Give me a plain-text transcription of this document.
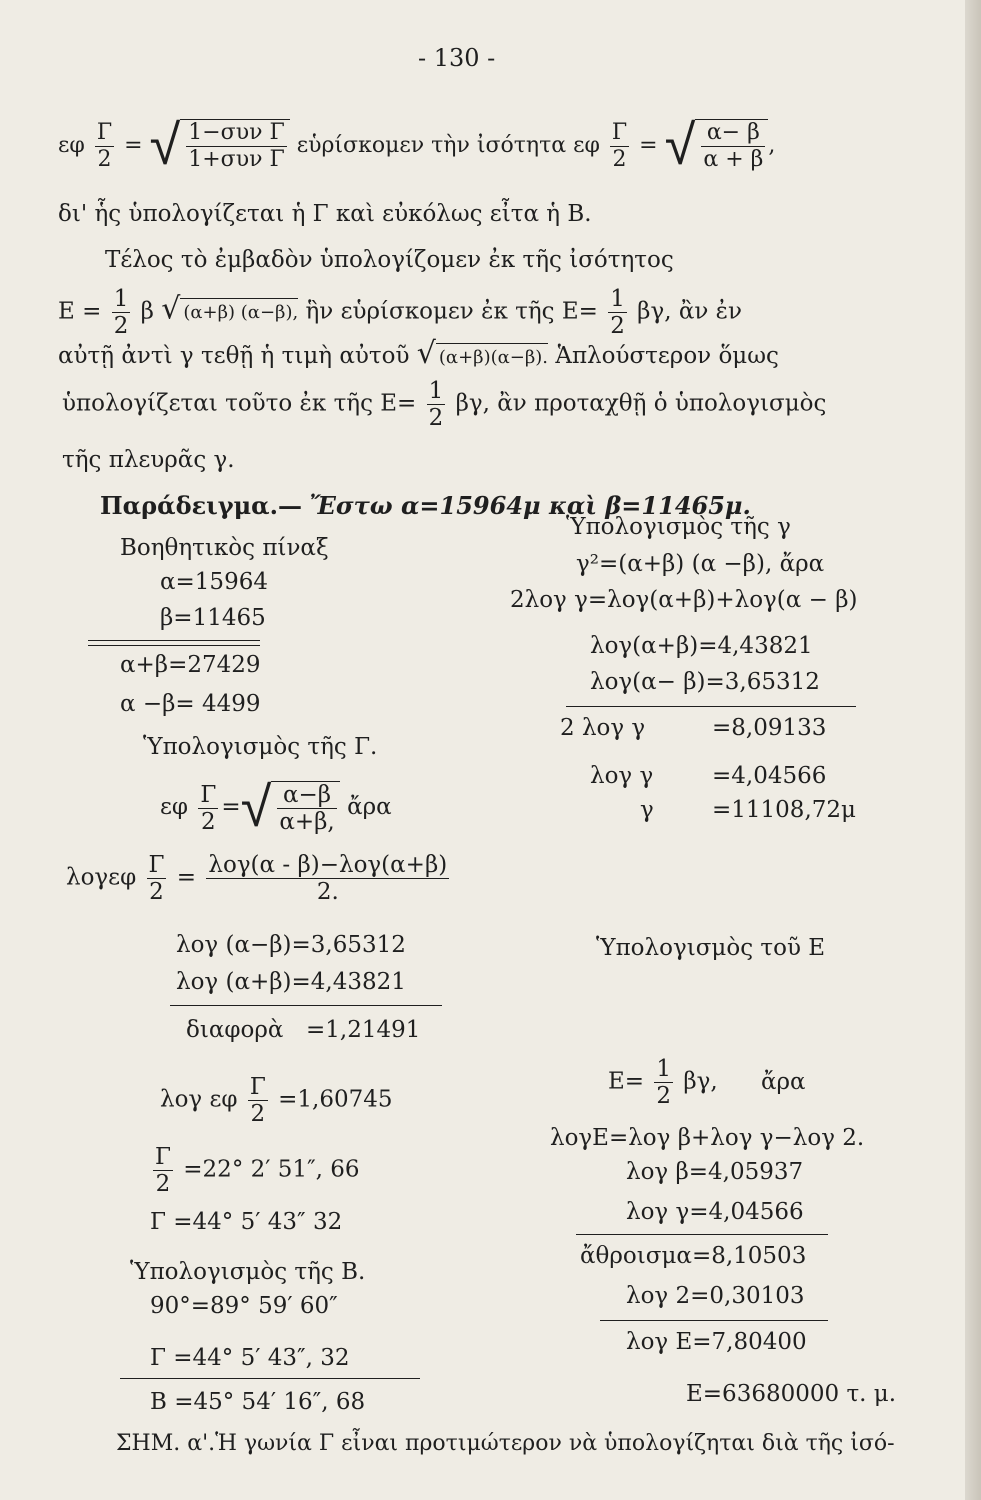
- 130 -
εφ $\frac{\Gamma}{2}$ = √ $\frac{\text{1−συν Γ}}{\text{1+συν Γ}}$ εὑρίσκομεν τὴν ἰσότητα εφ $\frac{\Gamma}{2}$ = √ $\frac{\alpha- \beta}{\alpha + \beta}$ ,
δι' ἧς ὑπολογίζεται ἡ Γ καὶ εὐκόλως εἶτα ἡ Β.
Τέλος τὸ ἐμβαδὸν ὑπολογίζομεν ἐκ τῆς ἰσότητος
$E = \frac{1}{2}$ β √ (α+β) (α−β), ἣν εὑρίσκομεν ἐκ τῆς $E= \frac{1}{2} \beta\gamma$, ἂν ἐν
αὐτῇ ἀντὶ γ τεθῇ ἡ τιμὴ αὐτοῦ √ (α+β)(α−β). Ἁπλούστερον ὅμως
ὑπολογίζεται τοῦτο ἐκ τῆς $E= \frac{1}{2} \beta\gamma$, ἂν προταχθῇ ὁ ὑπολογισμὸς
τῆς πλευρᾶς γ.
Παράδειγμα.— Ἔστω α=15964μ καὶ β=11465μ.
Βοηθητικὸς πίναξ
α=15964
β=11465
α+β=27429
α −β= 4499
Ὑπολογισμὸς τῆς Γ.
εφ $\frac{\Gamma}{2}$ =√ $\frac{\alpha-\beta}{\alpha+\beta,}$ ἄρα
λογεφ $\frac{\Gamma}{2} = \frac{\text{λογ(α - β)−λογ(α+β)}}{2.}$
λογ (α−β)=3,65312
λογ (α+β)=4,43821
διαφορὰ =1,21491
λογ εφ $\frac{\Gamma}{2} =1,60745$
$\frac{\Gamma}{2} =22^\circ$ 2′ 51″, 66
Γ =44° 5′ 43″ 32
Ὑπολογισμὸς τῆς Β.
90°=89° 59′ 60″
Γ =44° 5′ 43″, 32
B =45° 54′ 16″, 68
Ὑπολογισμὸς τῆς γ
γ²=(α+β) (α −β), ἄρα
2λογ γ=λογ(α+β)+λογ(α − β)
λογ(α+β)=4,43821
λογ(α− β)=3,65312
2 λογ γ	=8,09133
λογ γ	=4,04566
γ	=11108,72μ
Ὑπολογισμὸς τοῦ Ε
$E= \frac{1}{2} \beta\gamma$, ἄρα
λογΕ=λογ β+λογ γ−λογ 2.
λογ β=4,05937
λογ γ=4,04566
ἄθροισμα=8,10503
λογ 2=0,30103
λογ Ε=7,80400
E=63680000 τ. μ.
ΣΗΜ. α'.Ἡ γωνία Γ εἶναι προτιμώτερον νὰ ὑπολογίζηται διὰ τῆς ἰσό-
